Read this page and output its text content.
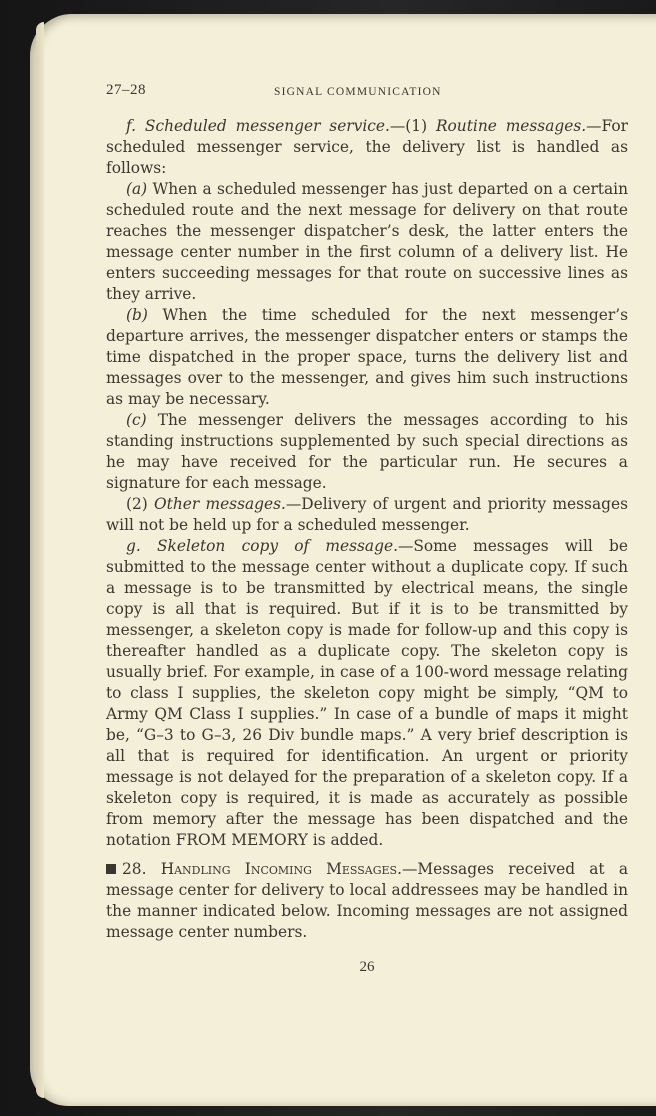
27–28	SIGNAL COMMUNICATION

f. Scheduled messenger service.—(1) Routine messages.—For scheduled messenger service, the delivery list is handled as follows:

(a) When a scheduled messenger has just departed on a certain scheduled route and the next message for delivery on that route reaches the messenger dispatcher’s desk, the latter enters the message center number in the first column of a delivery list. He enters succeeding messages for that route on successive lines as they arrive.

(b) When the time scheduled for the next messenger’s departure arrives, the messenger dispatcher enters or stamps the time dispatched in the proper space, turns the delivery list and messages over to the messenger, and gives him such instructions as may be necessary.

(c) The messenger delivers the messages according to his standing instructions supplemented by such special directions as he may have received for the particular run. He secures a signature for each message.

(2) Other messages.—Delivery of urgent and priority messages will not be held up for a scheduled messenger.

g. Skeleton copy of message.—Some messages will be submitted to the message center without a duplicate copy. If such a message is to be transmitted by electrical means, the single copy is all that is required. But if it is to be transmitted by messenger, a skeleton copy is made for follow-up and this copy is thereafter handled as a duplicate copy. The skeleton copy is usually brief. For example, in case of a 100-word message relating to class I supplies, the skeleton copy might be simply, “QM to Army QM Class I supplies.” In case of a bundle of maps it might be, “G–3 to G–3, 26 Div bundle maps.” A very brief description is all that is required for identification. An urgent or priority message is not delayed for the preparation of a skeleton copy. If a skeleton copy is required, it is made as accurately as possible from memory after the message has been dispatched and the notation FROM MEMORY is added.

28. Handling Incoming Messages.—Messages received at a message center for delivery to local addressees may be handled in the manner indicated below. Incoming messages are not assigned message center numbers.

26
